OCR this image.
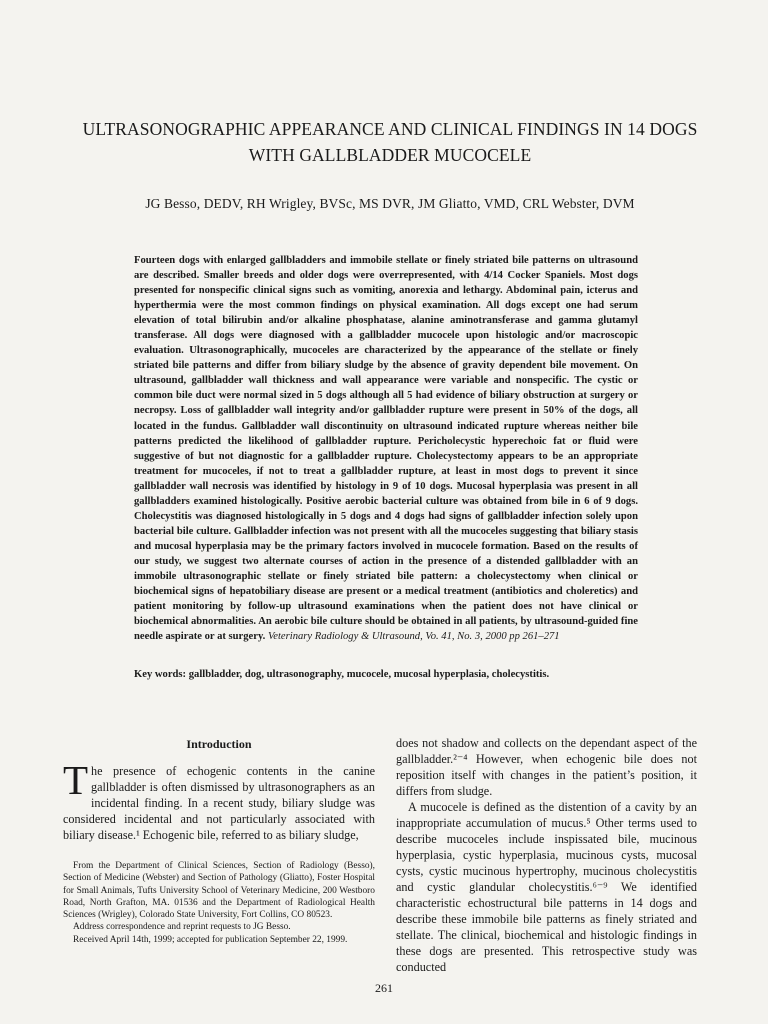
ULTRASONOGRAPHIC APPEARANCE AND CLINICAL FINDINGS IN 14 DOGS WITH GALLBLADDER MUCOCELE
JG Besso, DEDV, RH Wrigley, BVSc, MS DVR, JM Gliatto, VMD, CRL Webster, DVM
Fourteen dogs with enlarged gallbladders and immobile stellate or finely striated bile patterns on ultrasound are described. Smaller breeds and older dogs were overrepresented, with 4/14 Cocker Spaniels. Most dogs presented for nonspecific clinical signs such as vomiting, anorexia and lethargy. Abdominal pain, icterus and hyperthermia were the most common findings on physical examination. All dogs except one had serum elevation of total bilirubin and/or alkaline phosphatase, alanine aminotransferase and gamma glutamyl transferase. All dogs were diagnosed with a gallbladder mucocele upon histologic and/or macroscopic evaluation. Ultrasonographically, mucoceles are characterized by the appearance of the stellate or finely striated bile patterns and differ from biliary sludge by the absence of gravity dependent bile movement. On ultrasound, gallbladder wall thickness and wall appearance were variable and nonspecific. The cystic or common bile duct were normal sized in 5 dogs although all 5 had evidence of biliary obstruction at surgery or necropsy. Loss of gallbladder wall integrity and/or gallbladder rupture were present in 50% of the dogs, all located in the fundus. Gallbladder wall discontinuity on ultrasound indicated rupture whereas neither bile patterns predicted the likelihood of gallbladder rupture. Pericholecystic hyperechoic fat or fluid were suggestive of but not diagnostic for a gallbladder rupture. Cholecystectomy appears to be an appropriate treatment for mucoceles, if not to treat a gallbladder rupture, at least in most dogs to prevent it since gallbladder wall necrosis was identified by histology in 9 of 10 dogs. Mucosal hyperplasia was present in all gallbladders examined histologically. Positive aerobic bacterial culture was obtained from bile in 6 of 9 dogs. Cholecystitis was diagnosed histologically in 5 dogs and 4 dogs had signs of gallbladder infection solely upon bacterial bile culture. Gallbladder infection was not present with all the mucoceles suggesting that biliary stasis and mucosal hyperplasia may be the primary factors involved in mucocele formation. Based on the results of our study, we suggest two alternate courses of action in the presence of a distended gallbladder with an immobile ultrasonographic stellate or finely striated bile pattern: a cholecystectomy when clinical or biochemical signs of hepatobiliary disease are present or a medical treatment (antibiotics and choleretics) and patient monitoring by follow-up ultrasound examinations when the patient does not have clinical or biochemical abnormalities. An aerobic bile culture should be obtained in all patients, by ultrasound-guided fine needle aspirate or at surgery. Veterinary Radiology & Ultrasound, Vo. 41, No. 3, 2000 pp 261–271
Key words: gallbladder, dog, ultrasonography, mucocele, mucosal hyperplasia, cholecystitis.
Introduction

The presence of echogenic contents in the canine gallbladder is often dismissed by ultrasonographers as an incidental finding. In a recent study, biliary sludge was considered incidental and not particularly associated with biliary disease.¹ Echogenic bile, referred to as biliary sludge,

From the Department of Clinical Sciences, Section of Radiology (Besso), Section of Medicine (Webster) and Section of Pathology (Gliatto), Foster Hospital for Small Animals, Tufts University School of Veterinary Medicine, 200 Westboro Road, North Grafton, MA. 01536 and the Department of Radiological Health Sciences (Wrigley), Colorado State University, Fort Collins, CO 80523.

Address correspondence and reprint requests to JG Besso.

Received April 14th, 1999; accepted for publication September 22, 1999.

does not shadow and collects on the dependant aspect of the gallbladder.²⁻⁴ However, when echogenic bile does not reposition itself with changes in the patient’s position, it differs from sludge.

A mucocele is defined as the distention of a cavity by an inappropriate accumulation of mucus.⁵ Other terms used to describe mucoceles include inspissated bile, mucinous hyperplasia, cystic hyperplasia, mucinous cysts, mucosal cysts, cystic mucinous hypertrophy, mucinous cholecystitis and cystic glandular cholecystitis.⁶⁻⁹ We identified characteristic echostructural bile patterns in 14 dogs and describe these immobile bile patterns as finely striated and stellate. The clinical, biochemical and histologic findings in these dogs are presented. This retrospective study was conducted

261
